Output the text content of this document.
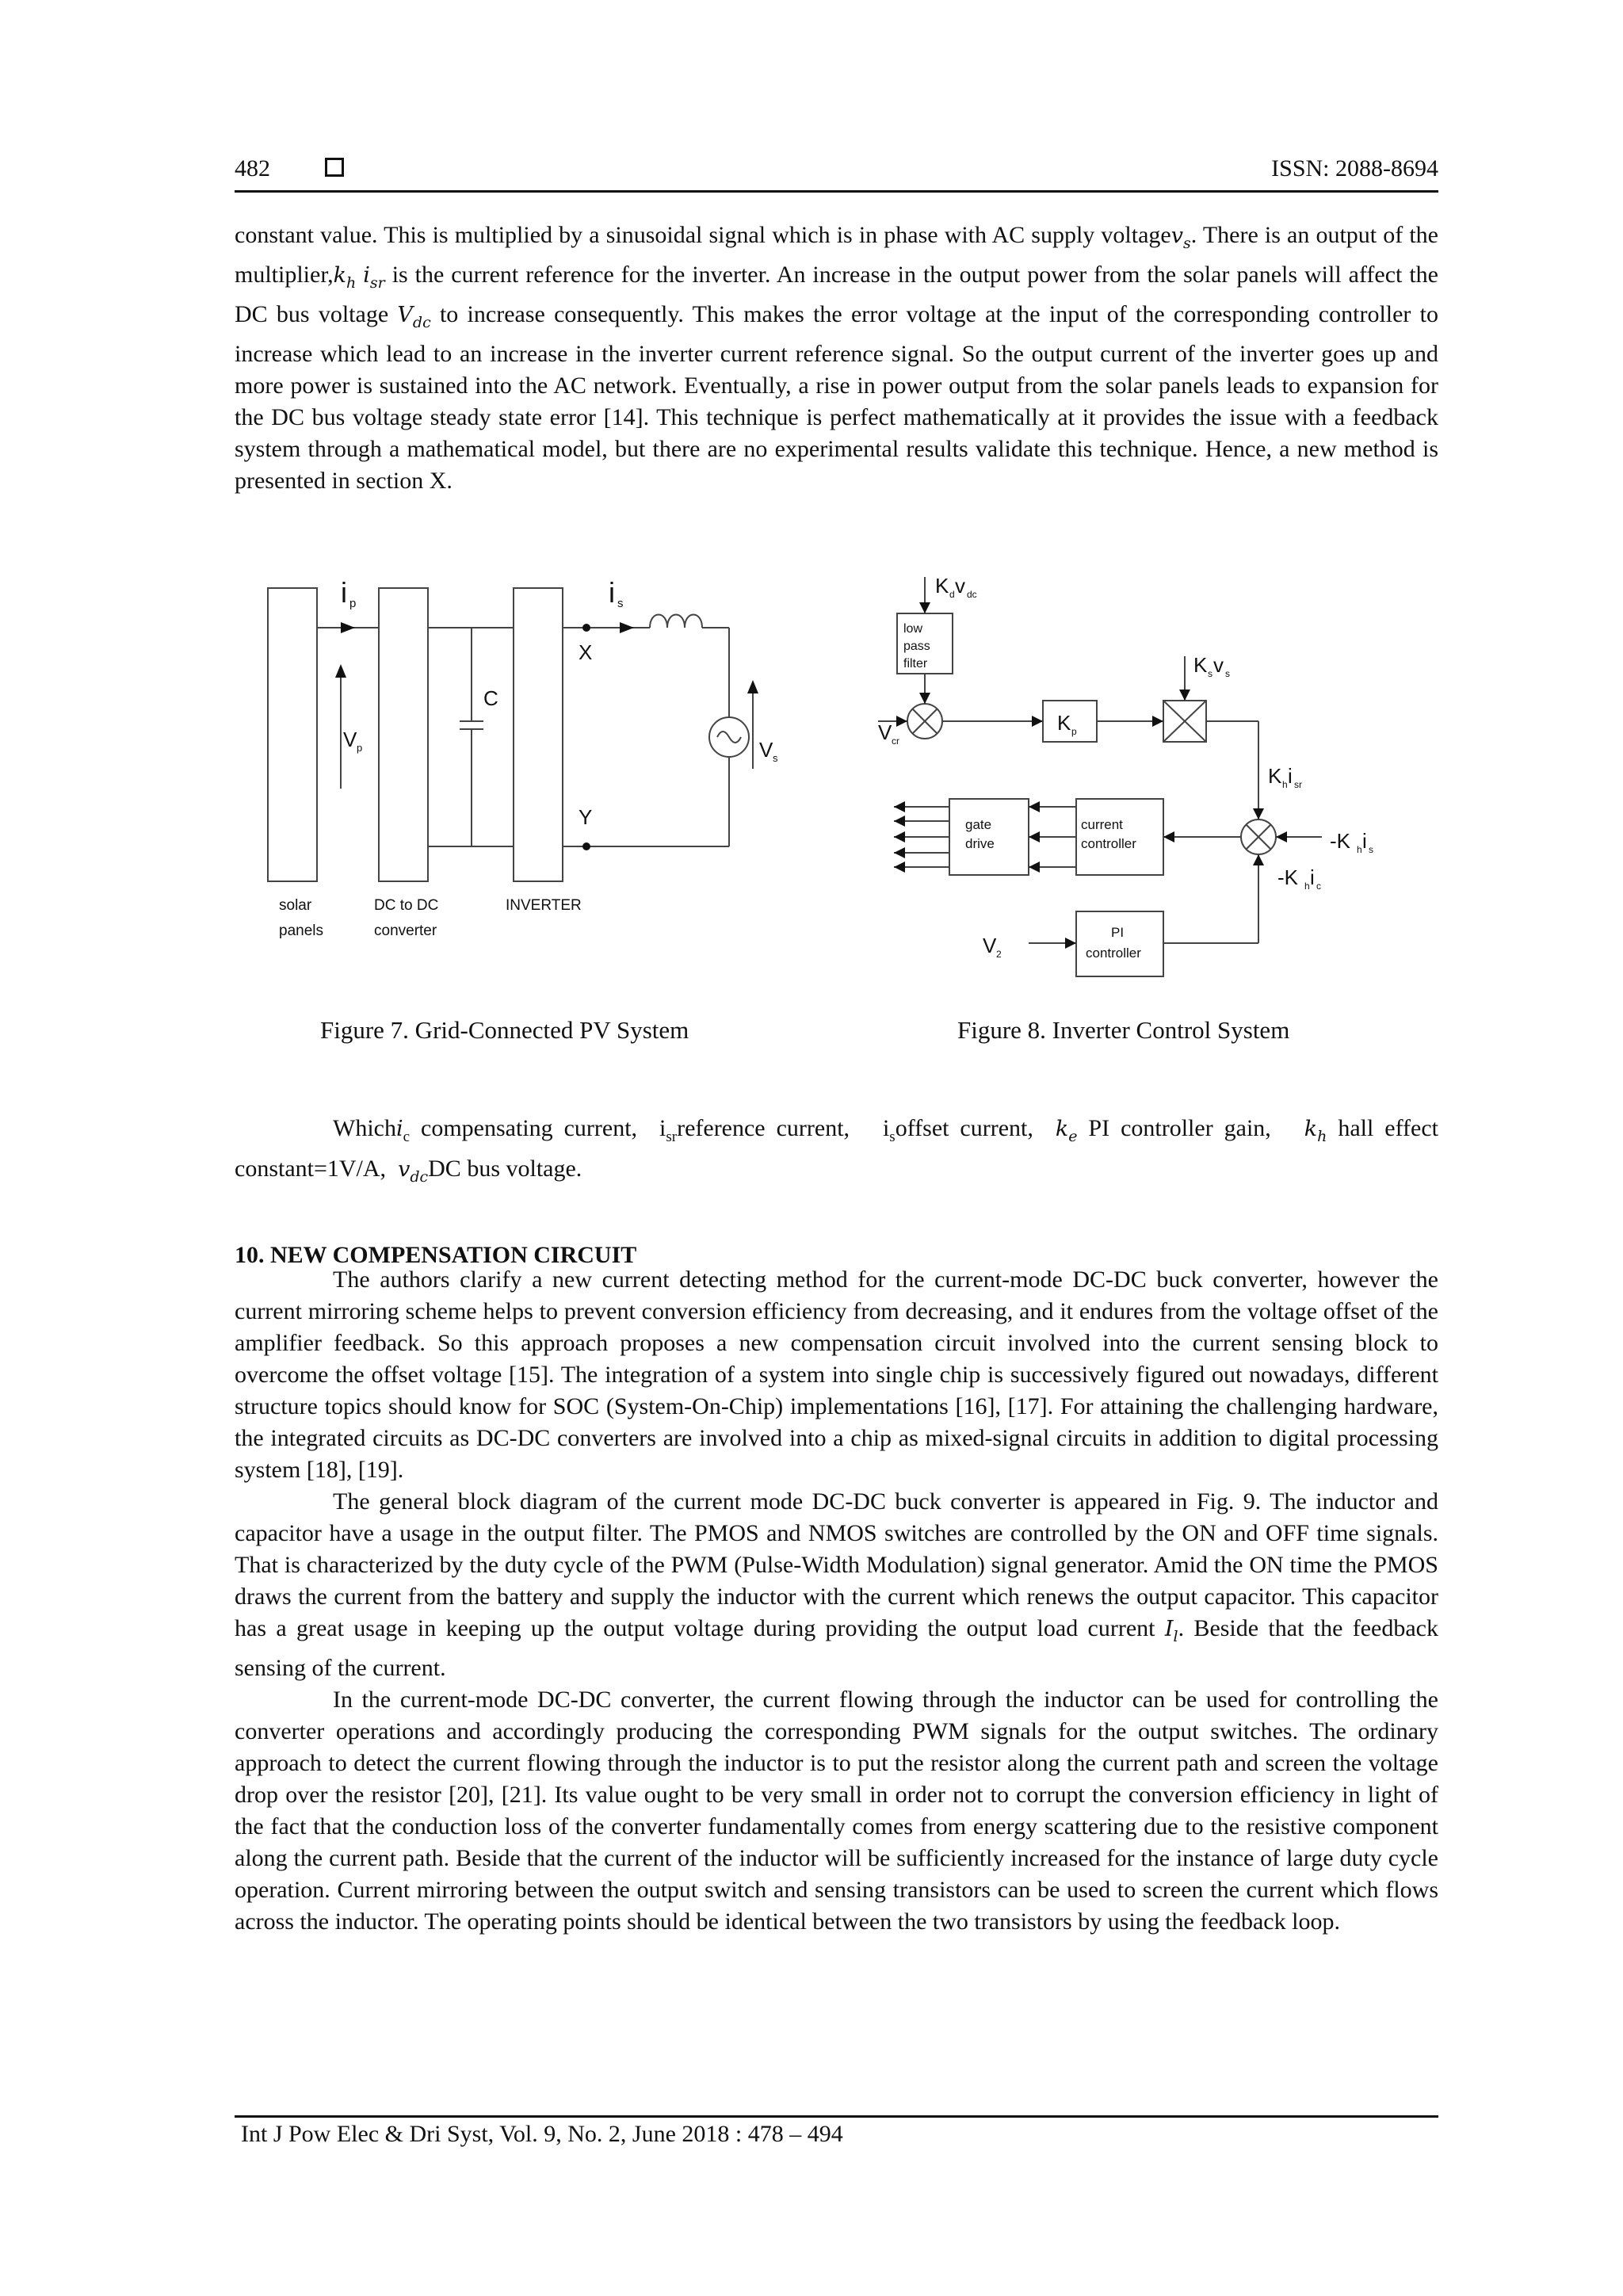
482	ISSN: 2088-8694

constant value. This is multiplied by a sinusoidal signal which is in phase with AC supply voltagev$_s$. There is an output of the $multiplier,k_h$ $i_{sr}$ is the current reference for the inverter. An increase in the output power from the solar panels will affect the DC bus voltage $V_{dc}$ to increase consequently. This makes the error voltage at the input of the corresponding controller to increase which lead to an increase in the inverter current reference signal. So the output current of the inverter goes up and more power is sustained into the AC network. Eventually, a rise in power output from the solar panels leads to expansion for the DC bus voltage steady state error [14]. This technique is perfect mathematically at it provides the issue with a feedback system through a mathematical model, but there are no experimental results validate this technique. Hence, a new method is presented in section X.

i p	i s
V p	V s
C
X
Y
solar
panels
DC to DC
converter
INVERTER
K d v dc
low
pass
filter
V cr
K p
K s v s
K h i sr
gate
drive
current
controller	-K h i s
-K h i c
V 2
PI
controller
Figure 7. Grid-Connected PV System	Figure 8. Inverter Control System

Whichi$_c$ compensating current,  $i_{sr}reference$ current,   $i_soffset$ current,  $k_e$ PI controller gain,   $k_h$ hall effect constant=1V/A,  $v_{dc}DC$ bus voltage.

10. NEW COMPENSATION CIRCUIT

The authors clarify a new current detecting method for the current-mode DC-DC buck converter, however the current mirroring scheme helps to prevent conversion efficiency from decreasing, and it endures from the voltage offset of the amplifier feedback. So this approach proposes a new compensation circuit involved into the current sensing block to overcome the offset voltage [15]. The integration of a system into single chip is successively figured out nowadays, different structure topics should know for SOC (System-On-Chip) implementations [16], [17]. For attaining the challenging hardware, the integrated circuits as DC-DC converters are involved into a chip as mixed-signal circuits in addition to digital processing system [18], [19].

The general block diagram of the current mode DC-DC buck converter is appeared in Fig. 9. The inductor and capacitor have a usage in the output filter. The PMOS and NMOS switches are controlled by the ON and OFF time signals. That is characterized by the duty cycle of the PWM (Pulse-Width Modulation) signal generator. Amid the ON time the PMOS draws the current from the battery and supply the inductor with the current which renews the output capacitor. This capacitor has a great usage in keeping up the output voltage during providing the output load current $I_l$. Beside that the feedback sensing of the current.

In the current-mode DC-DC converter, the current flowing through the inductor can be used for controlling the converter operations and accordingly producing the corresponding PWM signals for the output switches. The ordinary approach to detect the current flowing through the inductor is to put the resistor along the current path and screen the voltage drop over the resistor [20], [21]. Its value ought to be very small in order not to corrupt the conversion efficiency in light of the fact that the conduction loss of the converter fundamentally comes from energy scattering due to the resistive component along the current path. Beside that the current of the inductor will be sufficiently increased for the instance of large duty cycle operation. Current mirroring between the output switch and sensing transistors can be used to screen the current which flows across the inductor. The operating points should be identical between the two transistors by using the feedback loop.

Int J Pow Elec & Dri Syst, Vol. 9, No. 2, June 2018 : 478 – 494
